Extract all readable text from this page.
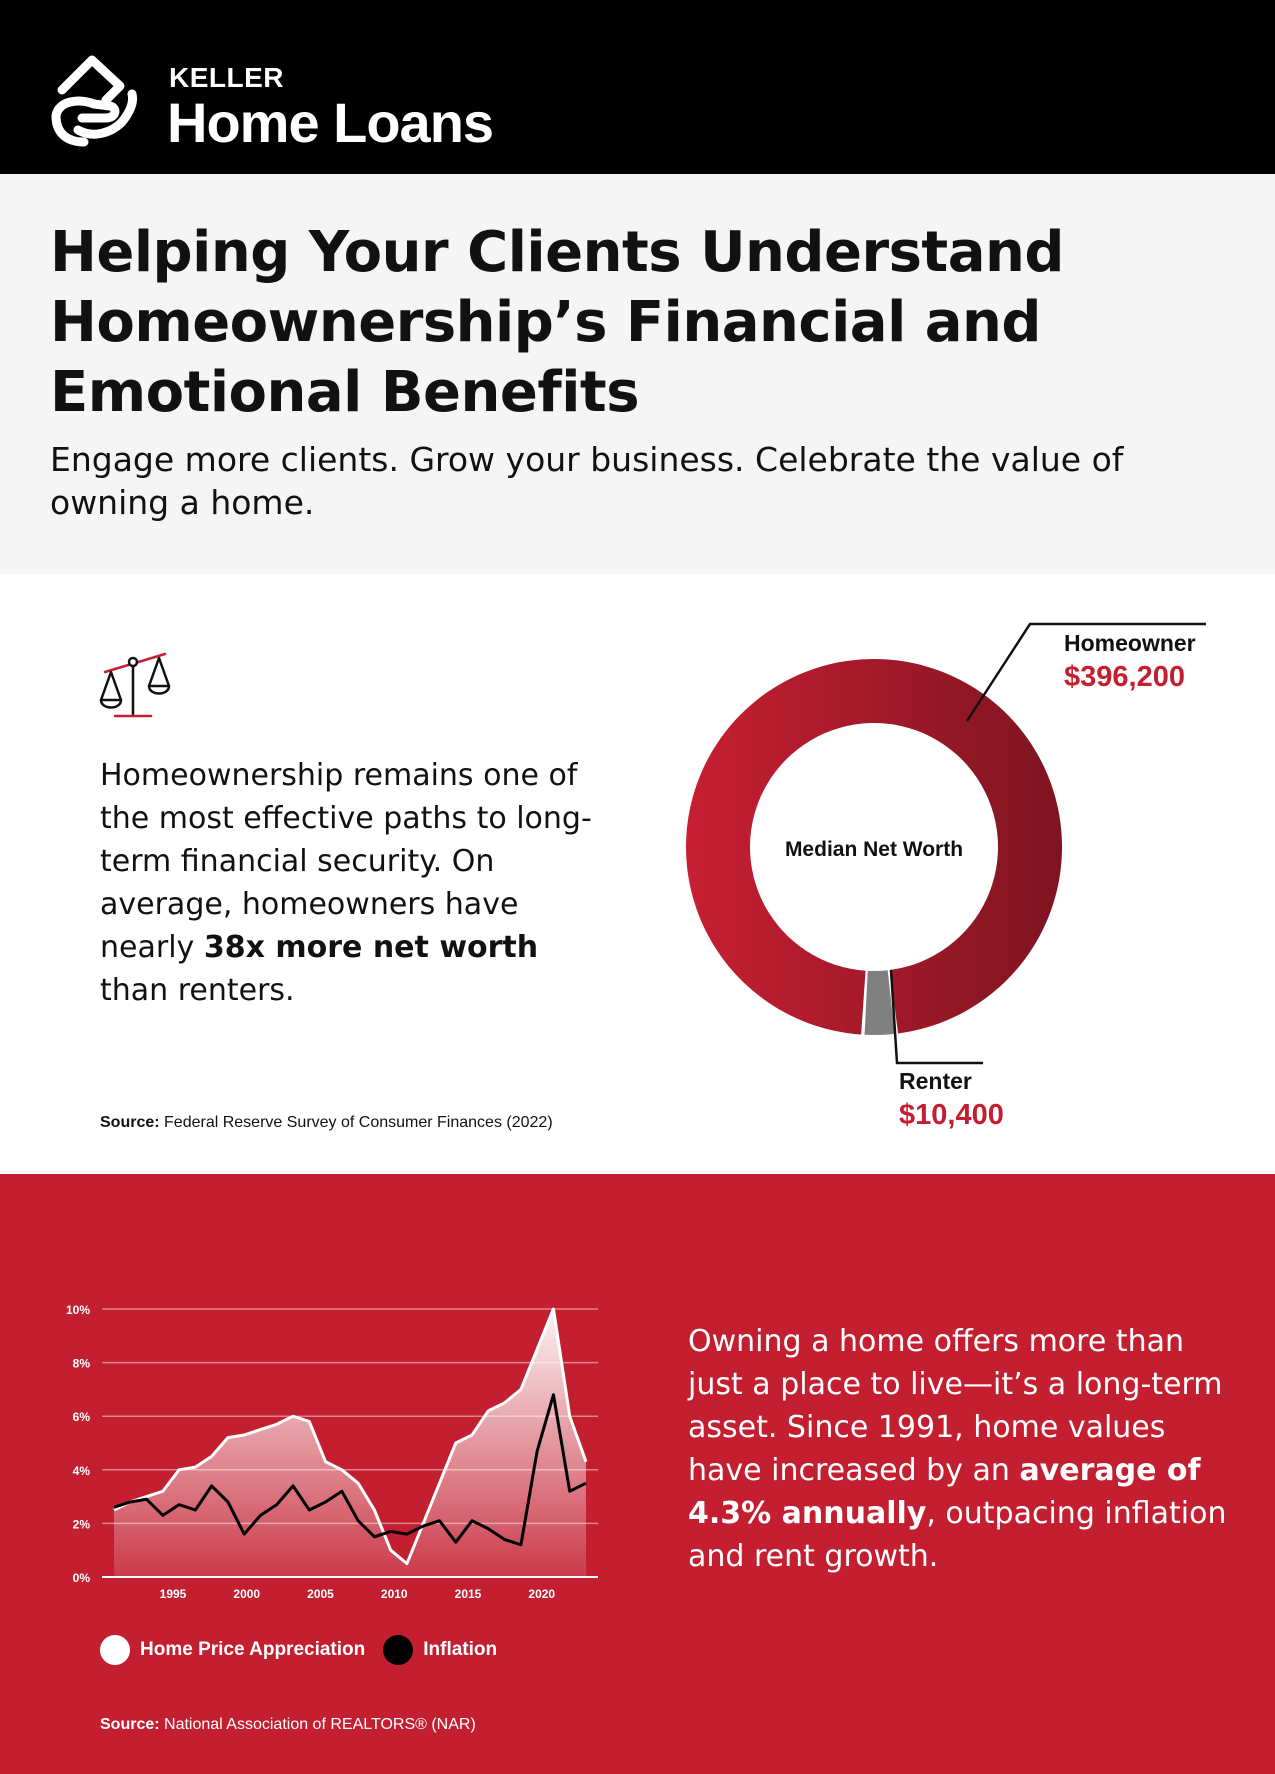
KELLER
Home Loans
Helping Your Clients Understand Homeownership’s Financial and Emotional Benefits

Engage more clients. Grow your business. Celebrate the value of owning a home.

Homeownership remains one of the most effective paths to long-term financial security. On average, homeowners have nearly 38x more net worth than renters.

Source: Federal Reserve Survey of Consumer Finances (2022)
Median Net Worth
Homeowner
$396,200
Renter
$10,400
0%
2%
4%
6%
8%
10%
1995	2000	2005	2010	2015	2020
Home Price Appreciation	Inflation
Source: National Association of REALTORS® (NAR)

Owning a home offers more than just a place to live—it’s a long-term asset. Since 1991, home values have increased by an average of 4.3% annually, outpacing inflation and rent growth.
